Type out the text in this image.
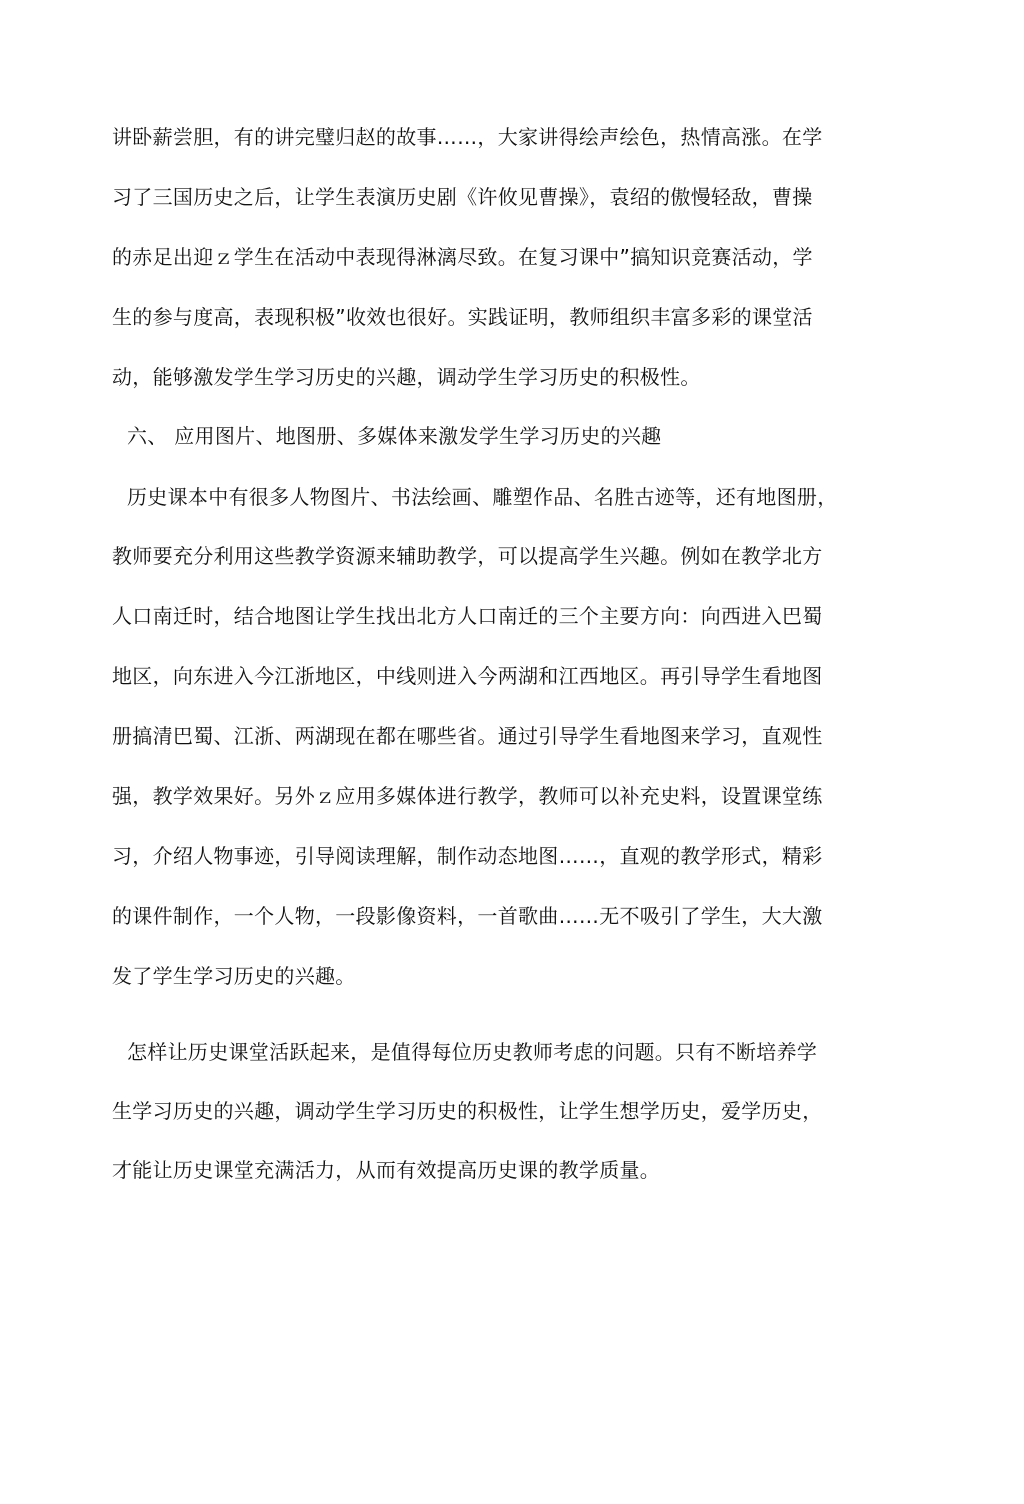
讲卧薪尝胆，有的讲完璧归赵的故事……，大家讲得绘声绘色，热情高涨。在学
习了三国历史之后，让学生表演历史剧《许攸见曹操》，袁绍的傲慢轻敌，曹操
的赤足出迎ｚ学生在活动中表现得淋漓尽致。在复习课中”搞知识竞赛活动，学
生的参与度高，表现积极”收效也很好。实践证明，教师组织丰富多彩的课堂活
动，能够激发学生学习历史的兴趣，调动学生学习历史的积极性。
六、 应用图片、地图册、多媒体来激发学生学习历史的兴趣
历史课本中有很多人物图片、书法绘画、雕塑作品、名胜古迹等，还有地图册，
教师要充分利用这些教学资源来辅助教学，可以提高学生兴趣。例如在教学北方
人口南迁时，结合地图让学生找出北方人口南迁的三个主要方向：向西进入巴蜀
地区，向东进入今江浙地区，中线则进入今两湖和江西地区。再引导学生看地图
册搞清巴蜀、江浙、两湖现在都在哪些省。通过引导学生看地图来学习，直观性
强，教学效果好。另外ｚ应用多媒体进行教学，教师可以补充史料，设置课堂练
习，介绍人物事迹，引导阅读理解，制作动态地图……，直观的教学形式，精彩
的课件制作，一个人物，一段影像资料，一首歌曲……无不吸引了学生，大大激
发了学生学习历史的兴趣。
怎样让历史课堂活跃起来，是值得每位历史教师考虑的问题。只有不断培养学
生学习历史的兴趣，调动学生学习历史的积极性，让学生想学历史，爱学历史，
才能让历史课堂充满活力，从而有效提高历史课的教学质量。
